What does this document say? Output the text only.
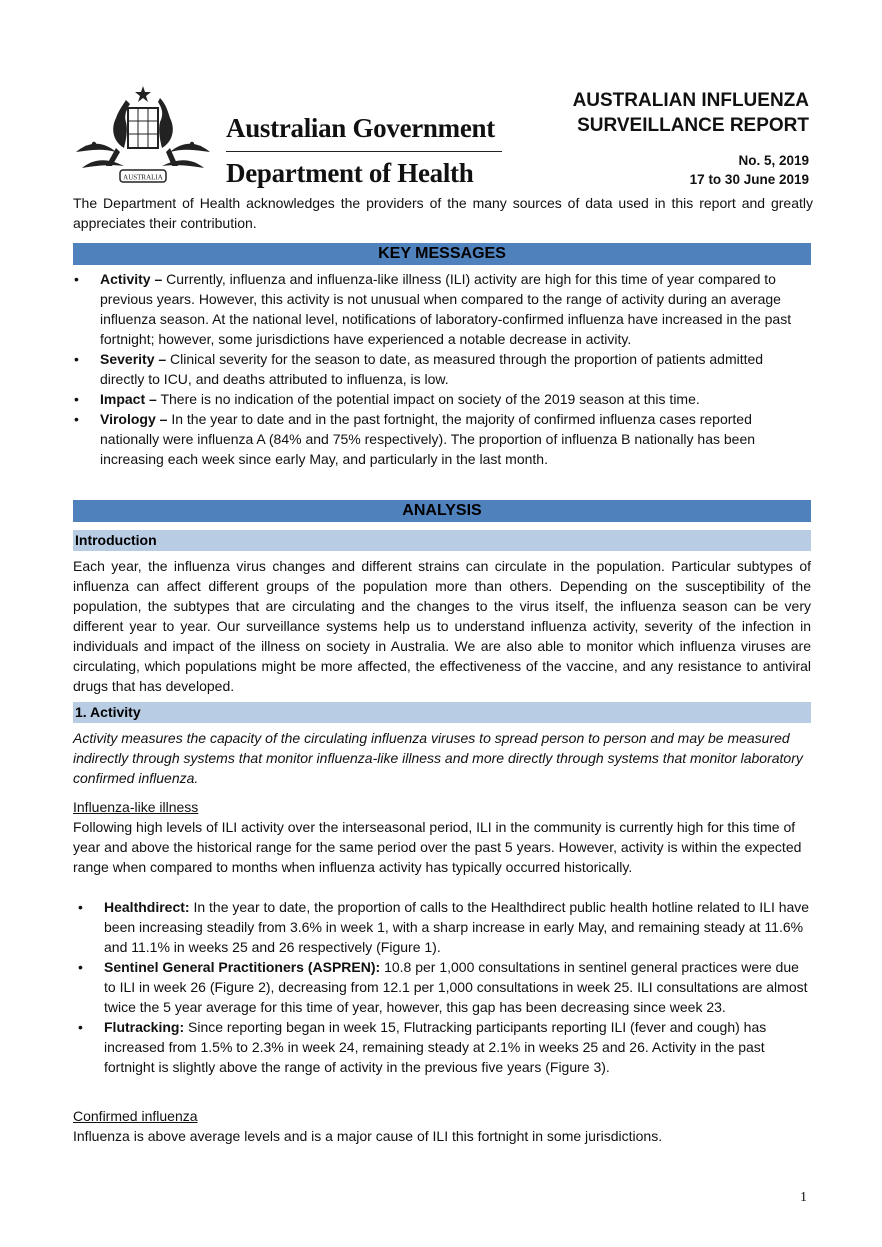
AUSTRALIA
Australian Government
Department of Health
AUSTRALIAN INFLUENZA
SURVEILLANCE REPORT
No. 5, 2019
17 to 30 June 2019
The Department of Health acknowledges the providers of the many sources of data used in this report and greatly appreciates their contribution.
KEY MESSAGES
• Activity – Currently, influenza and influenza-like illness (ILI) activity are high for this time of year compared to previous years. However, this activity is not unusual when compared to the range of activity during an average influenza season. At the national level, notifications of laboratory-confirmed influenza have increased in the past fortnight; however, some jurisdictions have experienced a notable decrease in activity.
• Severity – Clinical severity for the season to date, as measured through the proportion of patients admitted directly to ICU, and deaths attributed to influenza, is low.
• Impact – There is no indication of the potential impact on society of the 2019 season at this time.
• Virology – In the year to date and in the past fortnight, the majority of confirmed influenza cases reported nationally were influenza A (84% and 75% respectively). The proportion of influenza B nationally has been increasing each week since early May, and particularly in the last month.
ANALYSIS
Introduction
Each year, the influenza virus changes and different strains can circulate in the population. Particular subtypes of influenza can affect different groups of the population more than others. Depending on the susceptibility of the population, the subtypes that are circulating and the changes to the virus itself, the influenza season can be very different year to year. Our surveillance systems help us to understand influenza activity, severity of the infection in individuals and impact of the illness on society in Australia. We are also able to monitor which influenza viruses are circulating, which populations might be more affected, the effectiveness of the vaccine, and any resistance to antiviral drugs that has developed.
1. Activity
Activity measures the capacity of the circulating influenza viruses to spread person to person and may be measured indirectly through systems that monitor influenza-like illness and more directly through systems that monitor laboratory confirmed influenza.
Influenza-like illness
Following high levels of ILI activity over the interseasonal period, ILI in the community is currently high for this time of year and above the historical range for the same period over the past 5 years. However, activity is within the expected range when compared to months when influenza activity has typically occurred historically.
• Healthdirect: In the year to date, the proportion of calls to the Healthdirect public health hotline related to ILI have been increasing steadily from 3.6% in week 1, with a sharp increase in early May, and remaining steady at 11.6% and 11.1% in weeks 25 and 26 respectively (Figure 1).
• Sentinel General Practitioners (ASPREN): 10.8 per 1,000 consultations in sentinel general practices were due to ILI in week 26 (Figure 2), decreasing from 12.1 per 1,000 consultations in week 25. ILI consultations are almost twice the 5 year average for this time of year, however, this gap has been decreasing since week 23.
• Flutracking: Since reporting began in week 15, Flutracking participants reporting ILI (fever and cough) has increased from 1.5% to 2.3% in week 24, remaining steady at 2.1% in weeks 25 and 26. Activity in the past fortnight is slightly above the range of activity in the previous five years (Figure 3).
Confirmed influenza
Influenza is above average levels and is a major cause of ILI this fortnight in some jurisdictions.
1
